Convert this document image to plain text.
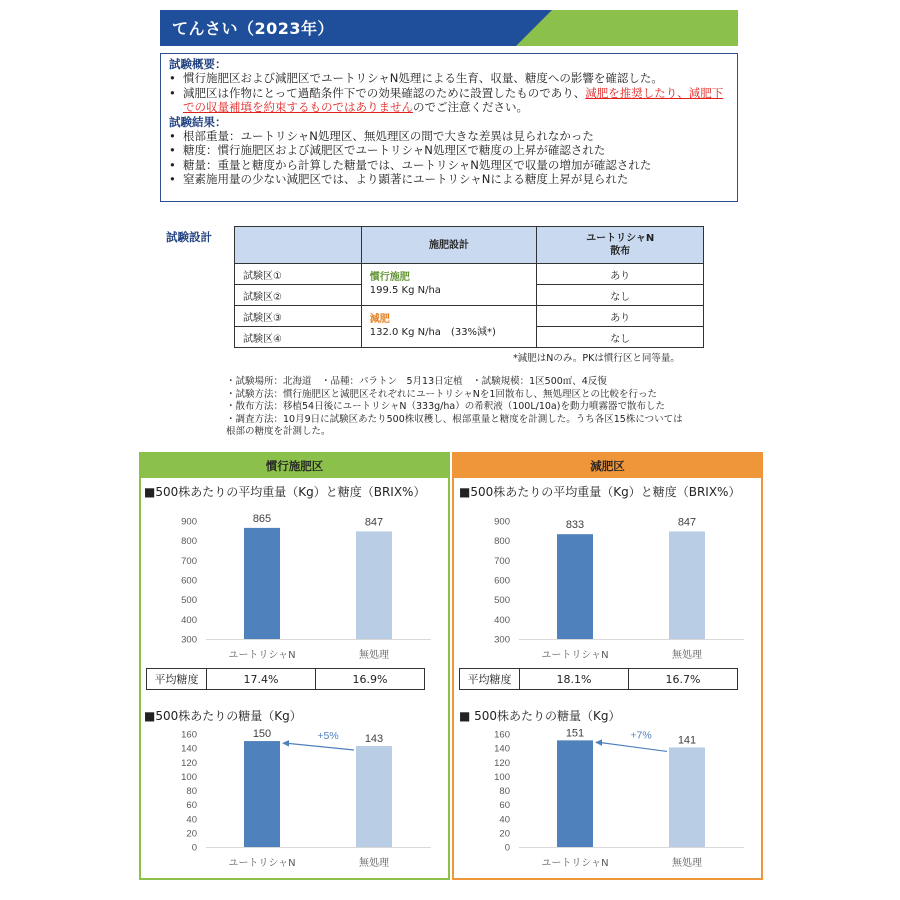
てんさい（2023年）
試験概要：
• 慣行施肥区および減肥区でユートリシャN処理による生育、収量、糖度への影響を確認した。
• 減肥区は作物にとって過酷条件下での効果確認のために設置したものであり、減肥を推奨したり、減肥下での収量補填を約束するものではありませんのでご注意ください。
試験結果：
• 根部重量：ユートリシャN処理区、無処理区の間で大きな差異は見られなかった
• 糖度：慣行施肥区および減肥区でユートリシャN処理区で糖度の上昇が確認された
• 糖量：重量と糖度から計算した糖量では、ユートリシャN処理区で収量の増加が確認された
• 窒素施用量の少ない減肥区では、より顕著にユートリシャNによる糖度上昇が見られた
試験設計
	施肥設計	ユートリシャN
散布
試験区①	慣行施肥
199.5 Kg N/ha	あり
試験区②		なし
試験区③	減肥
132.0 Kg N/ha　(33%減*)	あり
試験区④		なし
*減肥はNのみ。PKは慣行区と同等量。
・試験場所：北海道　・品種：パラトン　5月13日定植　・試験規模：1区500㎡、4反復
・試験方法：慣行施肥区と減肥区それぞれにユートリシャNを1回散布し、無処理区との比較を行った
・散布方法：移植54日後にユートリシャN（333g/ha）の希釈液（100L/10a)を動力噴霧器で散布した
・調査方法：10月9日に試験区あたり500株収穫し、根部重量と糖度を計測した。うち各区15株については
根部の糖度を計測した。
慣行施肥区
■500株あたりの平均重量（Kg）と糖度（BRIX%）
300
400
500
600
700
800
900	865
ユートリシャN
847
無処理
平均糖度	17.4%	16.9%
■500株あたりの糖量（Kg）
0
20
40
60
80
100
120
140
160	150
ユートリシャN
143
無処理
+5%
減肥区
■500株あたりの平均重量（Kg）と糖度（BRIX%）
300
400
500
600
700
800
900	833
ユートリシャN
847
無処理
平均糖度	18.1%	16.7%
■ 500株あたりの糖量（Kg）
0
20
40
60
80
100
120
140
160	151
ユートリシャN
141
無処理
+7%
